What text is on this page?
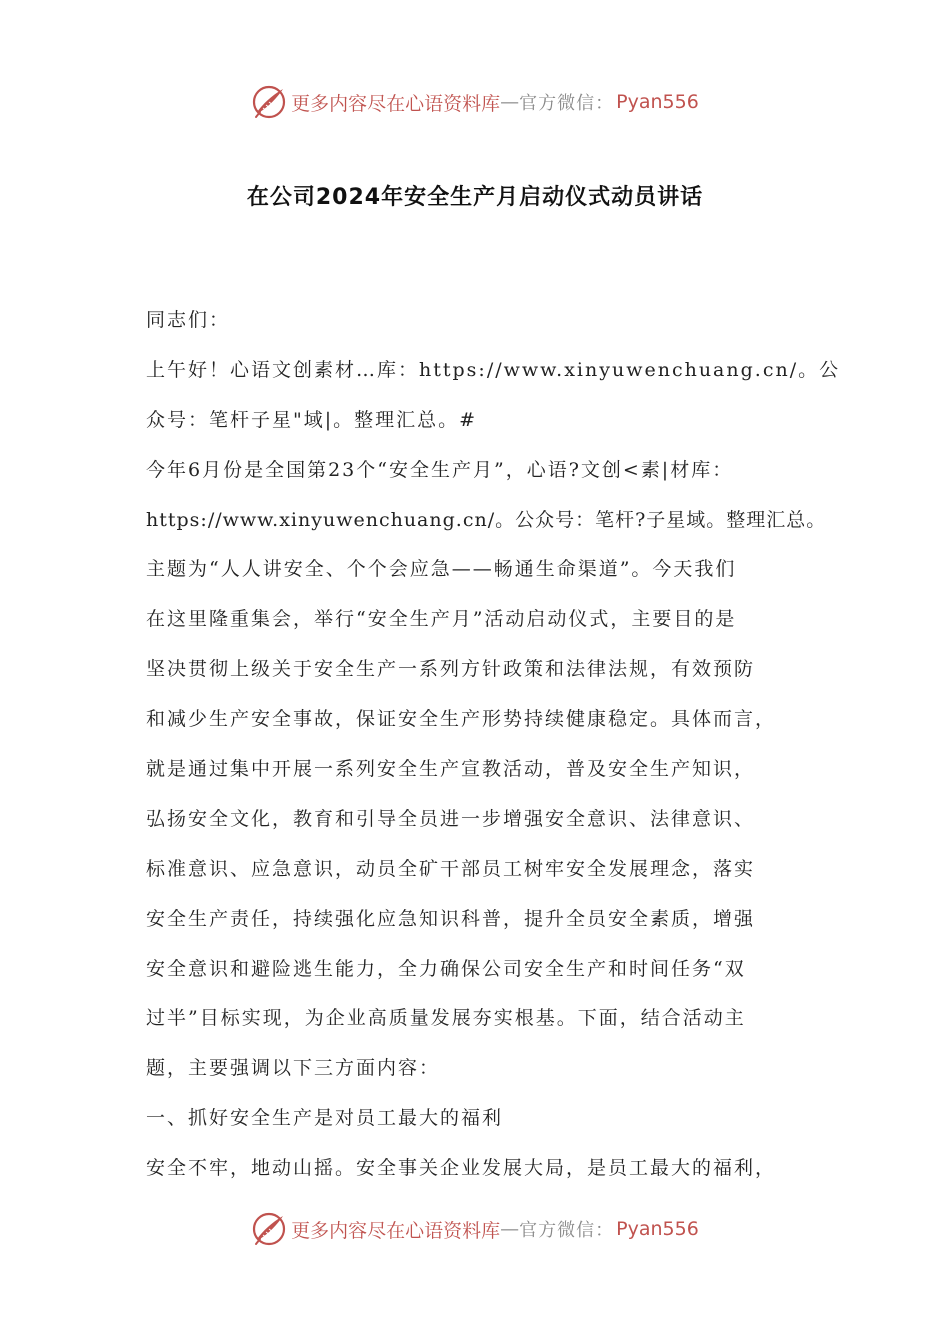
更多内容尽在心语资料库 — 官方微信： Pyan556
在公司2024年安全生产月启动仪式动员讲话
同志们：
上午好！心语文创素材…库：https://www.xinyuwenchuang.cn/。公
众号：笔杆子星"域|。整理汇总。#
今年6月份是全国第23个“安全生产月”，心语?文创<素|材库：
https://www.xinyuwenchuang.cn/。公众号：笔杆?子星域。整理汇总。
主题为“人人讲安全、个个会应急——畅通生命渠道”。今天我们
在这里隆重集会，举行“安全生产月”活动启动仪式，主要目的是
坚决贯彻上级关于安全生产一系列方针政策和法律法规，有效预防
和减少生产安全事故，保证安全生产形势持续健康稳定。具体而言，
就是通过集中开展一系列安全生产宣教活动，普及安全生产知识，
弘扬安全文化，教育和引导全员进一步增强安全意识、法律意识、
标准意识、应急意识，动员全矿干部员工树牢安全发展理念，落实
安全生产责任，持续强化应急知识科普，提升全员安全素质，增强
安全意识和避险逃生能力，全力确保公司安全生产和时间任务“双
过半”目标实现，为企业高质量发展夯实根基。下面，结合活动主
题，主要强调以下三方面内容：
一、抓好安全生产是对员工最大的福利
安全不牢，地动山摇。安全事关企业发展大局，是员工最大的福利，
更多内容尽在心语资料库 — 官方微信： Pyan556
